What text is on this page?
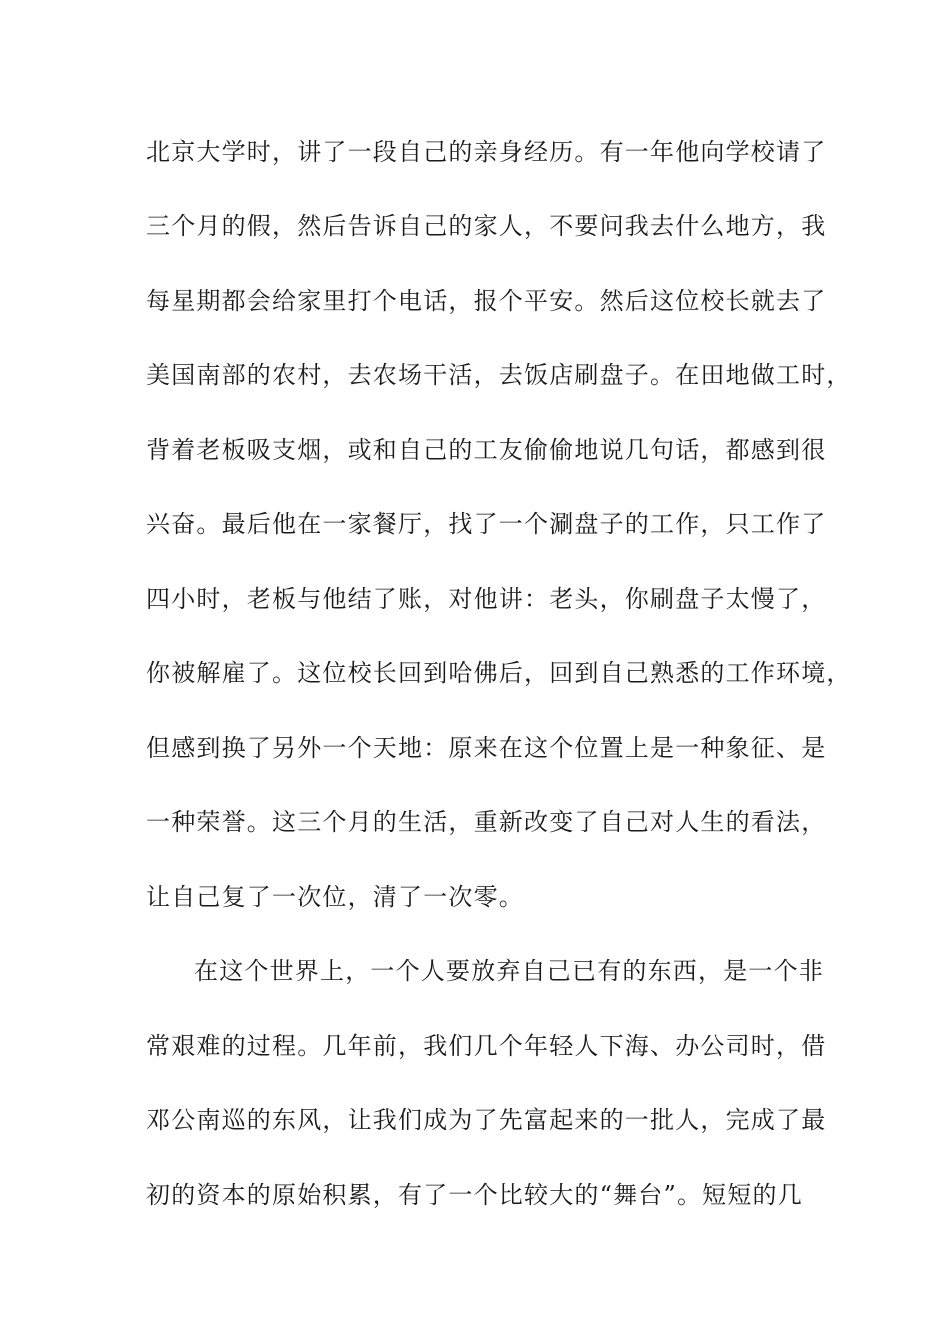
北京大学时，讲了一段自己的亲身经历。有一年他向学校请了
三个月的假，然后告诉自己的家人，不要问我去什么地方，我
每星期都会给家里打个电话，报个平安。然后这位校长就去了
美国南部的农村，去农场干活，去饭店刷盘子。在田地做工时，
背着老板吸支烟，或和自己的工友偷偷地说几句话，都感到很
兴奋。最后他在一家餐厅，找了一个涮盘子的工作，只工作了
四小时，老板与他结了账，对他讲：老头，你刷盘子太慢了，
你被解雇了。这位校长回到哈佛后，回到自己熟悉的工作环境，
但感到换了另外一个天地：原来在这个位置上是一种象征、是
一种荣誉。这三个月的生活，重新改变了自己对人生的看法，
让自己复了一次位，清了一次零。
在这个世界上，一个人要放弃自己已有的东西，是一个非
常艰难的过程。几年前，我们几个年轻人下海、办公司时，借
邓公南巡的东风，让我们成为了先富起来的一批人，完成了最
初的资本的原始积累，有了一个比较大的“舞台”。短短的几
